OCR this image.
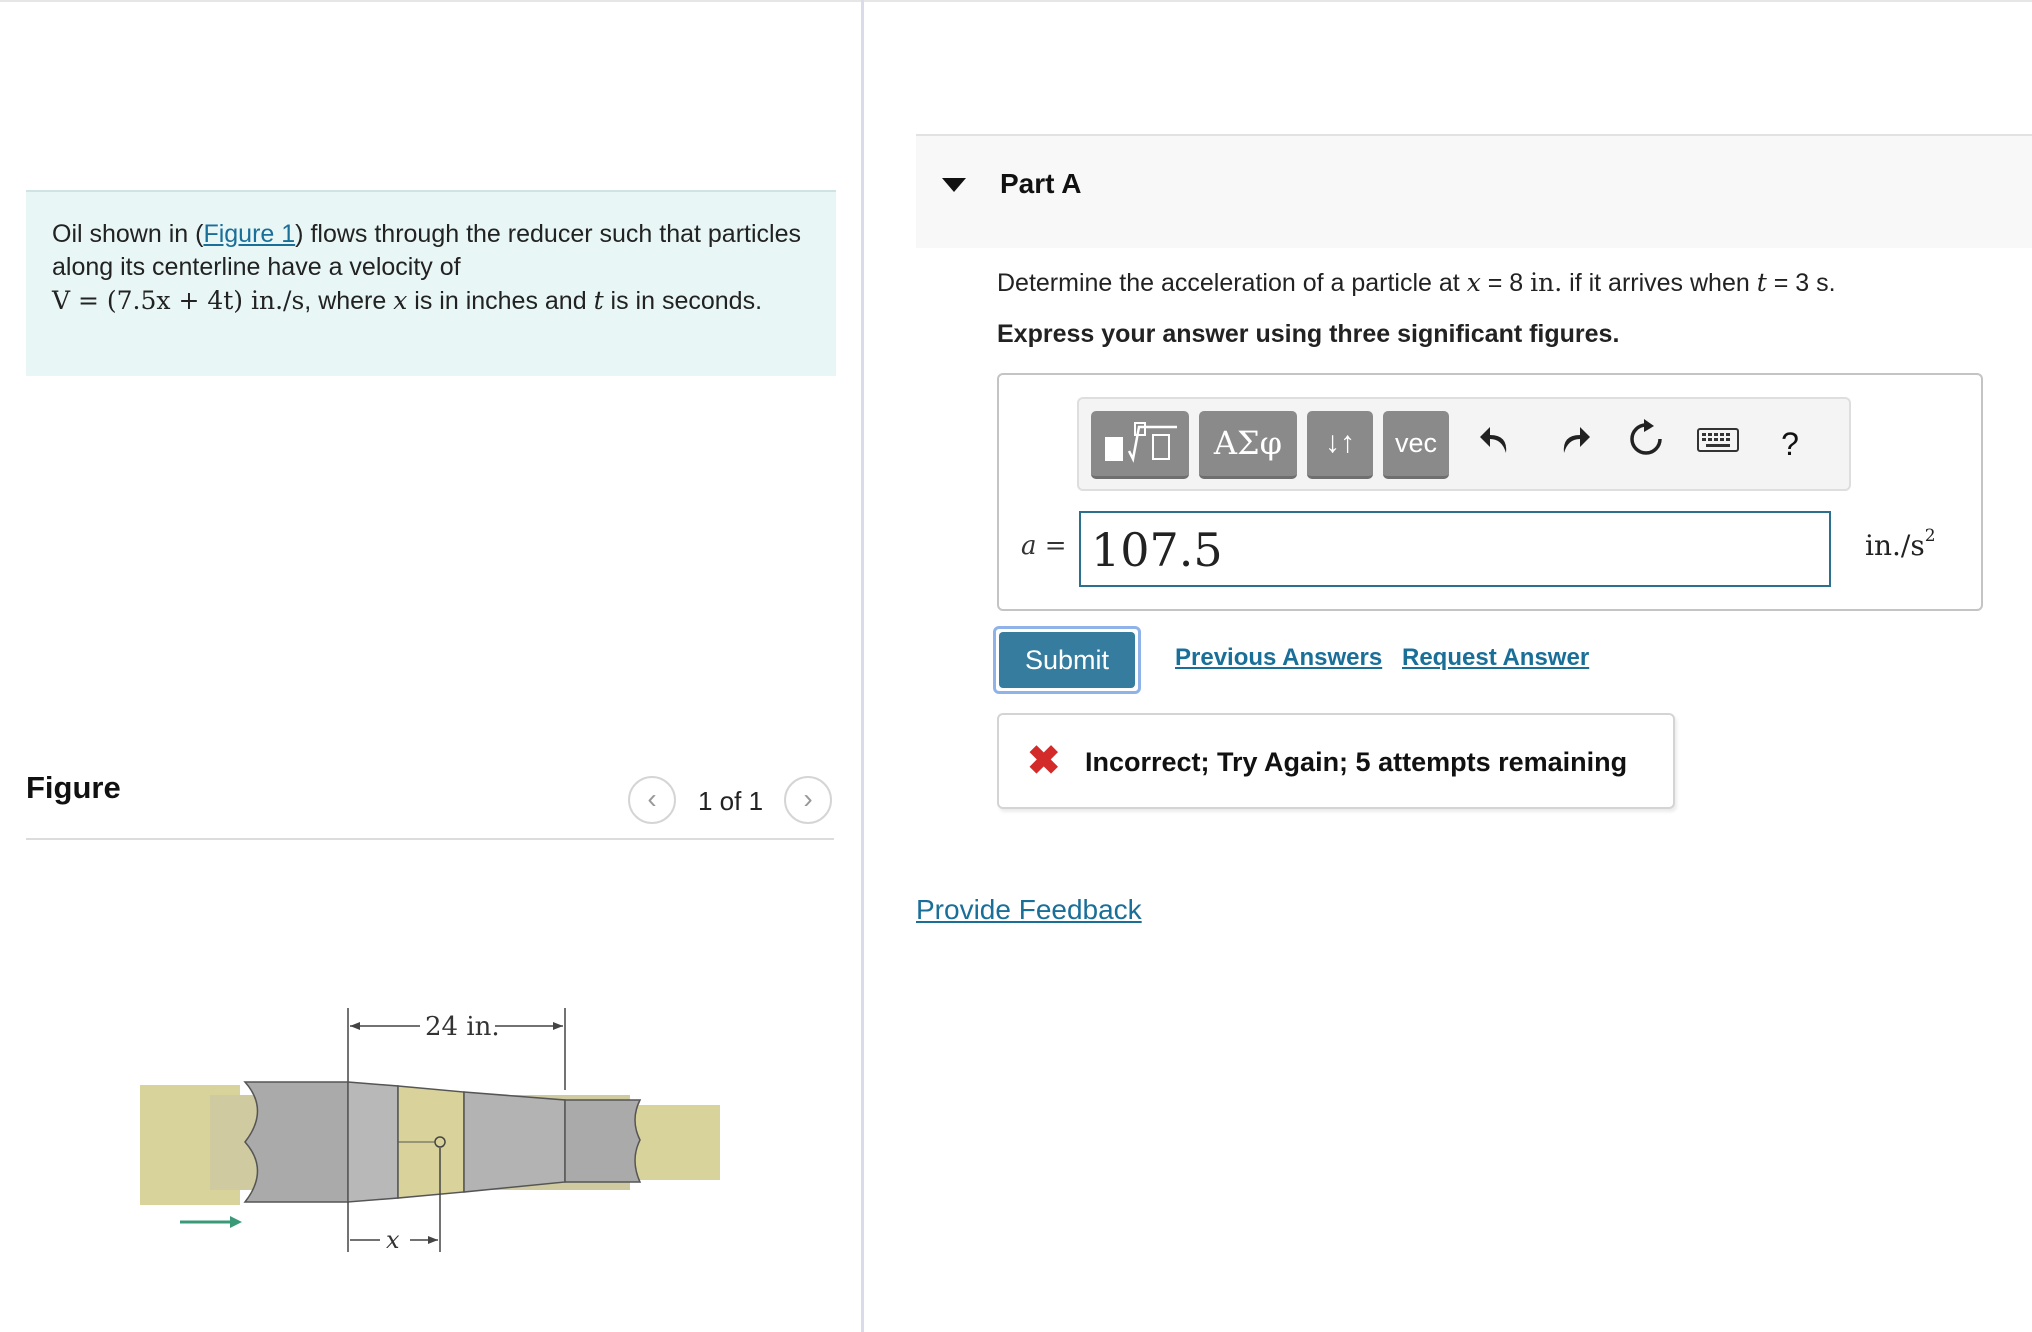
Oil shown in (Figure 1) flows through the reducer such that particles along its centerline have a velocity of
V = (7.5x + 4t) in./s, where x is in inches and t is in seconds.
Figure	‹	1 of 1	›
24 in.
x
Part A
Determine the acceleration of a particle at x = 8 in. if it arrives when t = 3 s.
Express your answer using three significant figures.
ΑΣφ	↓↑	vec	?
a = 107.5	$in./s^2$
Submit	Previous Answers Request Answer
✖ Incorrect; Try Again; 5 attempts remaining
Provide Feedback
